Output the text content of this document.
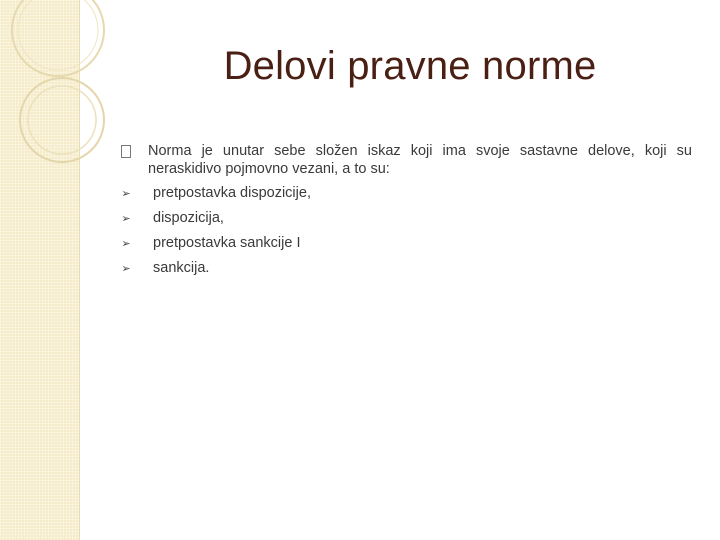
Delovi pravne norme
Norma je unutar sebe složen iskaz koji ima svoje sastavne delove, koji su neraskidivo pojmovno vezani, a to su:
➢ pretpostavka dispozicije,
➢ dispozicija,
➢ pretpostavka sankcije I
➢ sankcija.
